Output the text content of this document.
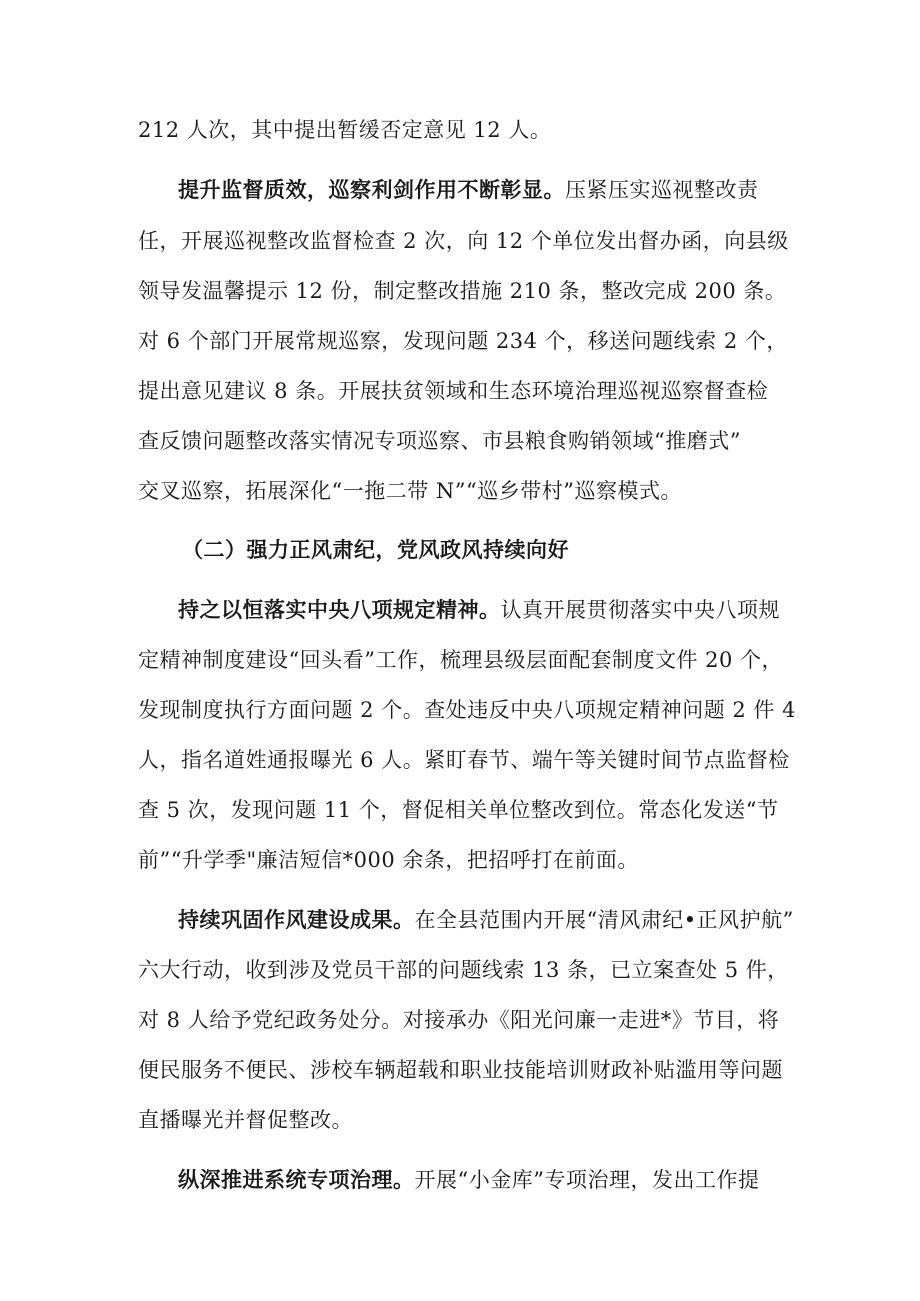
212 人次，其中提出暂缓否定意见 12 人。
提升监督质效，巡察利剑作用不断彰显。压紧压实巡视整改责
任，开展巡视整改监督检查 2 次，向 12 个单位发出督办函，向县级
领导发温馨提示 12 份，制定整改措施 210 条，整改完成 200 条。
对 6 个部门开展常规巡察，发现问题 234 个，移送问题线索 2 个，
提出意见建议 8 条。开展扶贫领域和生态环境治理巡视巡察督查检
查反馈问题整改落实情况专项巡察、市县粮食购销领域“推磨式”
交叉巡察，拓展深化“一拖二带 N”“巡乡带村”巡察模式。
（二）强力正风肃纪，党风政风持续向好
持之以恒落实中央八项规定精神。认真开展贯彻落实中央八项规
定精神制度建设“回头看”工作，梳理县级层面配套制度文件 20 个，
发现制度执行方面问题 2 个。查处违反中央八项规定精神问题 2 件 4
人，指名道姓通报曝光 6 人。紧盯春节、端午等关键时间节点监督检
查 5 次，发现问题 11 个，督促相关单位整改到位。常态化发送“节
前”“升学季"廉洁短信*000 余条，把招呼打在前面。
持续巩固作风建设成果。在全县范围内开展“清风肃纪•正风护航”
六大行动，收到涉及党员干部的问题线索 13 条，已立案查处 5 件，
对 8 人给予党纪政务处分。对接承办《阳光问廉一走进*》节目，将
便民服务不便民、涉校车辆超载和职业技能培训财政补贴滥用等问题
直播曝光并督促整改。
纵深推进系统专项治理。开展“小金库”专项治理，发出工作提
